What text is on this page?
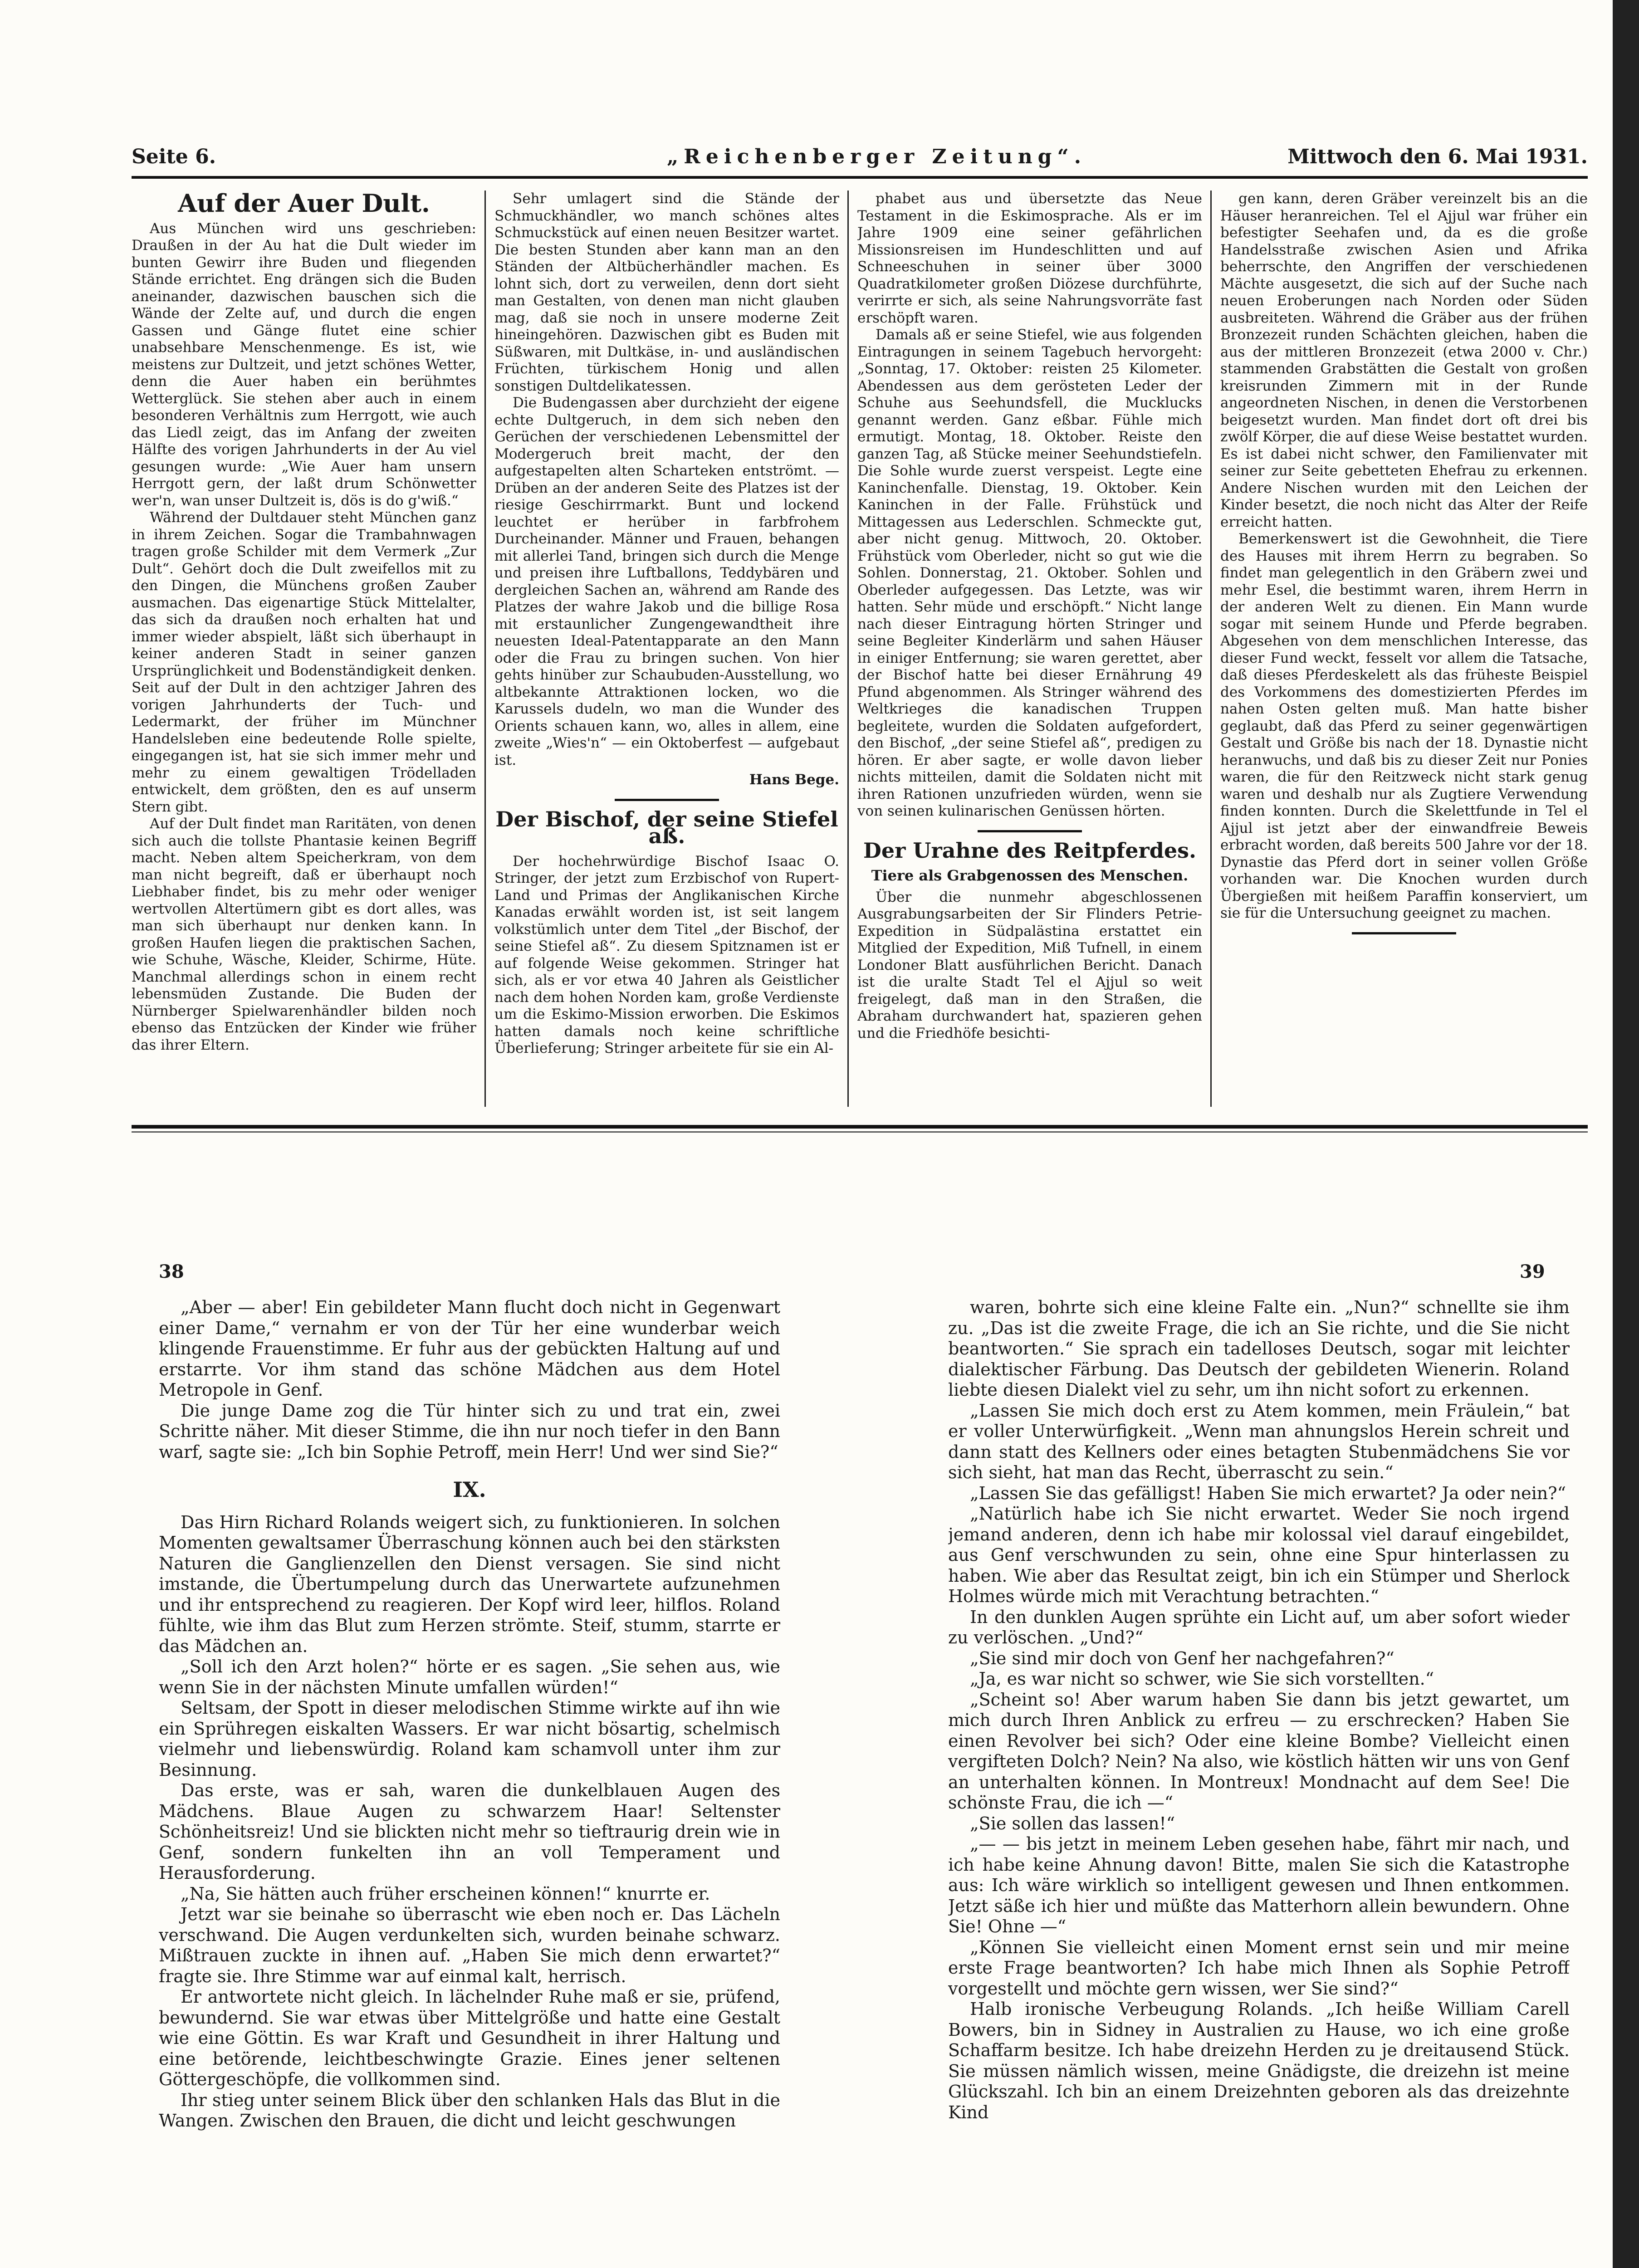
Seite 6.	„Reichenberger Zeitung“.	Mittwoch den 6. Mai 1931.
Auf der Auer Dult.

Aus München wird uns geschrieben: Draußen in der Au hat die Dult wieder im bunten Gewirr ihre Buden und fliegenden Stände errichtet. Eng drängen sich die Buden aneinander, dazwischen bauschen sich die Wände der Zelte auf, und durch die engen Gassen und Gänge flutet eine schier unabsehbare Menschenmenge. Es ist, wie meistens zur Dultzeit, und jetzt schönes Wetter, denn die Auer haben ein berühmtes Wetterglück. Sie stehen aber auch in einem besonderen Verhältnis zum Herrgott, wie auch das Liedl zeigt, das im Anfang der zweiten Hälfte des vorigen Jahrhunderts in der Au viel gesungen wurde: „Wie Auer ham unsern Herrgott gern, der laßt drum Schönwetter wer'n, wan unser Dultzeit is, dös is do g'wiß.“

Während der Dultdauer steht München ganz in ihrem Zeichen. Sogar die Trambahnwagen tragen große Schilder mit dem Vermerk „Zur Dult“. Gehört doch die Dult zweifellos mit zu den Dingen, die Münchens großen Zauber ausmachen. Das eigenartige Stück Mittelalter, das sich da draußen noch erhalten hat und immer wieder abspielt, läßt sich überhaupt in keiner anderen Stadt in seiner ganzen Ursprünglichkeit und Bodenständigkeit denken. Seit auf der Dult in den achtziger Jahren des vorigen Jahrhunderts der Tuch- und Ledermarkt, der früher im Münchner Handelsleben eine bedeutende Rolle spielte, eingegangen ist, hat sie sich immer mehr und mehr zu einem gewaltigen Trödelladen entwickelt, dem größten, den es auf unserm Stern gibt.

Auf der Dult findet man Raritäten, von denen sich auch die tollste Phantasie keinen Begriff macht. Neben altem Speicherkram, von dem man nicht begreift, daß er überhaupt noch Liebhaber findet, bis zu mehr oder weniger wertvollen Altertümern gibt es dort alles, was man sich überhaupt nur denken kann. In großen Haufen liegen die praktischen Sachen, wie Schuhe, Wäsche, Kleider, Schirme, Hüte. Manchmal allerdings schon in einem recht lebensmüden Zustande. Die Buden der Nürnberger Spielwarenhändler bilden noch ebenso das Entzücken der Kinder wie früher das ihrer Eltern.

Sehr umlagert sind die Stände der Schmuckhändler, wo manch schönes altes Schmuckstück auf einen neuen Besitzer wartet. Die besten Stunden aber kann man an den Ständen der Altbücherhändler machen. Es lohnt sich, dort zu verweilen, denn dort sieht man Gestalten, von denen man nicht glauben mag, daß sie noch in unsere moderne Zeit hineingehören. Dazwischen gibt es Buden mit Süßwaren, mit Dultkäse, in- und ausländischen Früchten, türkischem Honig und allen sonstigen Dultdelikatessen.

Die Budengassen aber durchzieht der eigene echte Dultgeruch, in dem sich neben den Gerüchen der verschiedenen Lebensmittel der Modergeruch breit macht, der den aufgestapelten alten Scharteken entströmt. — Drüben an der anderen Seite des Platzes ist der riesige Geschirrmarkt. Bunt und lockend leuchtet er herüber in farbfrohem Durcheinander. Männer und Frauen, behangen mit allerlei Tand, bringen sich durch die Menge und preisen ihre Luftballons, Teddybären und dergleichen Sachen an, während am Rande des Platzes der wahre Jakob und die billige Rosa mit erstaunlicher Zungengewandtheit ihre neuesten Ideal-Patentapparate an den Mann oder die Frau zu bringen suchen. Von hier gehts hinüber zur Schaubuden-Ausstellung, wo altbekannte Attraktionen locken, wo die Karussels dudeln, wo man die Wunder des Orients schauen kann, wo, alles in allem, eine zweite „Wies'n“ — ein Oktoberfest — aufgebaut ist.

Hans Bege.
Der Bischof, der seine Stiefel aß.

Der hochehrwürdige Bischof Isaac O. Stringer, der jetzt zum Erzbischof von Rupert-Land und Primas der Anglikanischen Kirche Kanadas erwählt worden ist, ist seit langem volkstümlich unter dem Titel „der Bischof, der seine Stiefel aß“. Zu diesem Spitznamen ist er auf folgende Weise gekommen. Stringer hat sich, als er vor etwa 40 Jahren als Geistlicher nach dem hohen Norden kam, große Verdienste um die Eskimo-Mission erworben. Die Eskimos hatten damals noch keine schriftliche Überlieferung; Stringer arbeitete für sie ein Al-

phabet aus und übersetzte das Neue Testament in die Eskimosprache. Als er im Jahre 1909 eine seiner gefährlichen Missionsreisen im Hundeschlitten und auf Schneeschuhen in seiner über 3000 Quadratkilometer großen Diözese durchführte, verirrte er sich, als seine Nahrungsvorräte fast erschöpft waren.

Damals aß er seine Stiefel, wie aus folgenden Eintragungen in seinem Tagebuch hervorgeht: „Sonntag, 17. Oktober: reisten 25 Kilometer. Abendessen aus dem gerösteten Leder der Schuhe aus Seehundsfell, die Mucklucks genannt werden. Ganz eßbar. Fühle mich ermutigt. Montag, 18. Oktober. Reiste den ganzen Tag, aß Stücke meiner Seehundstiefeln. Die Sohle wurde zuerst verspeist. Legte eine Kaninchenfalle. Dienstag, 19. Oktober. Kein Kaninchen in der Falle. Frühstück und Mittagessen aus Lederschlen. Schmeckte gut, aber nicht genug. Mittwoch, 20. Oktober. Frühstück vom Oberleder, nicht so gut wie die Sohlen. Donnerstag, 21. Oktober. Sohlen und Oberleder aufgegessen. Das Letzte, was wir hatten. Sehr müde und erschöpft.“ Nicht lange nach dieser Eintragung hörten Stringer und seine Begleiter Kinderlärm und sahen Häuser in einiger Entfernung; sie waren gerettet, aber der Bischof hatte bei dieser Ernährung 49 Pfund abgenommen. Als Stringer während des Weltkrieges die kanadischen Truppen begleitete, wurden die Soldaten aufgefordert, den Bischof, „der seine Stiefel aß“, predigen zu hören. Er aber sagte, er wolle davon lieber nichts mitteilen, damit die Soldaten nicht mit ihren Rationen unzufrieden würden, wenn sie von seinen kulinarischen Genüssen hörten.

Der Urahne des Reitpferdes.
Tiere als Grabgenossen des Menschen.

Über die nunmehr abgeschlossenen Ausgrabungsarbeiten der Sir Flinders Petrie-Expedition in Südpalästina erstattet ein Mitglied der Expedition, Miß Tufnell, in einem Londoner Blatt ausführlichen Bericht. Danach ist die uralte Stadt Tel el Ajjul so weit freigelegt, daß man in den Straßen, die Abraham durchwandert hat, spazieren gehen und die Friedhöfe besichti-

gen kann, deren Gräber vereinzelt bis an die Häuser heranreichen. Tel el Ajjul war früher ein befestigter Seehafen und, da es die große Handelsstraße zwischen Asien und Afrika beherrschte, den Angriffen der verschiedenen Mächte ausgesetzt, die sich auf der Suche nach neuen Eroberungen nach Norden oder Süden ausbreiteten. Während die Gräber aus der frühen Bronzezeit runden Schächten gleichen, haben die aus der mittleren Bronzezeit (etwa 2000 v. Chr.) stammenden Grabstätten die Gestalt von großen kreisrunden Zimmern mit in der Runde angeordneten Nischen, in denen die Verstorbenen beigesetzt wurden. Man findet dort oft drei bis zwölf Körper, die auf diese Weise bestattet wurden. Es ist dabei nicht schwer, den Familienvater mit seiner zur Seite gebetteten Ehefrau zu erkennen. Andere Nischen wurden mit den Leichen der Kinder besetzt, die noch nicht das Alter der Reife erreicht hatten.

Bemerkenswert ist die Gewohnheit, die Tiere des Hauses mit ihrem Herrn zu begraben. So findet man gelegentlich in den Gräbern zwei und mehr Esel, die bestimmt waren, ihrem Herrn in der anderen Welt zu dienen. Ein Mann wurde sogar mit seinem Hunde und Pferde begraben. Abgesehen von dem menschlichen Interesse, das dieser Fund weckt, fesselt vor allem die Tatsache, daß dieses Pferdeskelett als das früheste Beispiel des Vorkommens des domestizierten Pferdes im nahen Osten gelten muß. Man hatte bisher geglaubt, daß das Pferd zu seiner gegenwärtigen Gestalt und Größe bis nach der 18. Dynastie nicht heranwuchs, und daß bis zu dieser Zeit nur Ponies waren, die für den Reitzweck nicht stark genug waren und deshalb nur als Zugtiere Verwendung finden konnten. Durch die Skelettfunde in Tel el Ajjul ist jetzt aber der einwandfreie Beweis erbracht worden, daß bereits 500 Jahre vor der 18. Dynastie das Pferd dort in seiner vollen Größe vorhanden war. Die Knochen wurden durch Übergießen mit heißem Paraffin konserviert, um sie für die Untersuchung geeignet zu machen.

38	39

„Aber — aber! Ein gebildeter Mann flucht doch nicht in Gegenwart einer Dame,“ vernahm er von der Tür her eine wunderbar weich klingende Frauenstimme. Er fuhr aus der gebückten Haltung auf und erstarrte. Vor ihm stand das schöne Mädchen aus dem Hotel Metropole in Genf.

Die junge Dame zog die Tür hinter sich zu und trat ein, zwei Schritte näher. Mit dieser Stimme, die ihn nur noch tiefer in den Bann warf, sagte sie: „Ich bin Sophie Petroff, mein Herr! Und wer sind Sie?“

IX.

Das Hirn Richard Rolands weigert sich, zu funktionieren. In solchen Momenten gewaltsamer Überraschung können auch bei den stärksten Naturen die Ganglienzellen den Dienst versagen. Sie sind nicht imstande, die Übertumpelung durch das Unerwartete aufzunehmen und ihr entsprechend zu reagieren. Der Kopf wird leer, hilflos. Roland fühlte, wie ihm das Blut zum Herzen strömte. Steif, stumm, starrte er das Mädchen an.

„Soll ich den Arzt holen?“ hörte er es sagen. „Sie sehen aus, wie wenn Sie in der nächsten Minute umfallen würden!“

Seltsam, der Spott in dieser melodischen Stimme wirkte auf ihn wie ein Sprühregen eiskalten Wassers. Er war nicht bösartig, schelmisch vielmehr und liebenswürdig. Roland kam schamvoll unter ihm zur Besinnung.

Das erste, was er sah, waren die dunkelblauen Augen des Mädchens. Blaue Augen zu schwarzem Haar! Seltenster Schönheitsreiz! Und sie blickten nicht mehr so tieftraurig drein wie in Genf, sondern funkelten ihn an voll Temperament und Herausforderung.

„Na, Sie hätten auch früher erscheinen können!“ knurrte er.

Jetzt war sie beinahe so überrascht wie eben noch er. Das Lächeln verschwand. Die Augen verdunkelten sich, wurden beinahe schwarz. Mißtrauen zuckte in ihnen auf. „Haben Sie mich denn erwartet?“ fragte sie. Ihre Stimme war auf einmal kalt, herrisch.

Er antwortete nicht gleich. In lächelnder Ruhe maß er sie, prüfend, bewundernd. Sie war etwas über Mittelgröße und hatte eine Gestalt wie eine Göttin. Es war Kraft und Gesundheit in ihrer Haltung und eine betörende, leichtbeschwingte Grazie. Eines jener seltenen Göttergeschöpfe, die vollkommen sind.

Ihr stieg unter seinem Blick über den schlanken Hals das Blut in die Wangen. Zwischen den Brauen, die dicht und leicht geschwungen

waren, bohrte sich eine kleine Falte ein. „Nun?“ schnellte sie ihm zu. „Das ist die zweite Frage, die ich an Sie richte, und die Sie nicht beantworten.“ Sie sprach ein tadelloses Deutsch, sogar mit leichter dialektischer Färbung. Das Deutsch der gebildeten Wienerin. Roland liebte diesen Dialekt viel zu sehr, um ihn nicht sofort zu erkennen.

„Lassen Sie mich doch erst zu Atem kommen, mein Fräulein,“ bat er voller Unterwürfigkeit. „Wenn man ahnungslos Herein schreit und dann statt des Kellners oder eines betagten Stubenmädchens Sie vor sich sieht, hat man das Recht, überrascht zu sein.“

„Lassen Sie das gefälligst! Haben Sie mich erwartet? Ja oder nein?“

„Natürlich habe ich Sie nicht erwartet. Weder Sie noch irgend jemand anderen, denn ich habe mir kolossal viel darauf eingebildet, aus Genf verschwunden zu sein, ohne eine Spur hinterlassen zu haben. Wie aber das Resultat zeigt, bin ich ein Stümper und Sherlock Holmes würde mich mit Verachtung betrachten.“

In den dunklen Augen sprühte ein Licht auf, um aber sofort wieder zu verlöschen. „Und?“

„Sie sind mir doch von Genf her nachgefahren?“

„Ja, es war nicht so schwer, wie Sie sich vorstellten.“

„Scheint so! Aber warum haben Sie dann bis jetzt gewartet, um mich durch Ihren Anblick zu erfreu — zu erschrecken? Haben Sie einen Revolver bei sich? Oder eine kleine Bombe? Vielleicht einen vergifteten Dolch? Nein? Na also, wie köstlich hätten wir uns von Genf an unterhalten können. In Montreux! Mondnacht auf dem See! Die schönste Frau, die ich —“

„Sie sollen das lassen!“

„— — bis jetzt in meinem Leben gesehen habe, fährt mir nach, und ich habe keine Ahnung davon! Bitte, malen Sie sich die Katastrophe aus: Ich wäre wirklich so intelligent gewesen und Ihnen entkommen. Jetzt säße ich hier und müßte das Matterhorn allein bewundern. Ohne Sie! Ohne —“

„Können Sie vielleicht einen Moment ernst sein und mir meine erste Frage beantworten? Ich habe mich Ihnen als Sophie Petroff vorgestellt und möchte gern wissen, wer Sie sind?“

Halb ironische Verbeugung Rolands. „Ich heiße William Carell Bowers, bin in Sidney in Australien zu Hause, wo ich eine große Schaffarm besitze. Ich habe dreizehn Herden zu je dreitausend Stück. Sie müssen nämlich wissen, meine Gnädigste, die dreizehn ist meine Glückszahl. Ich bin an einem Dreizehnten geboren als das dreizehnte Kind
